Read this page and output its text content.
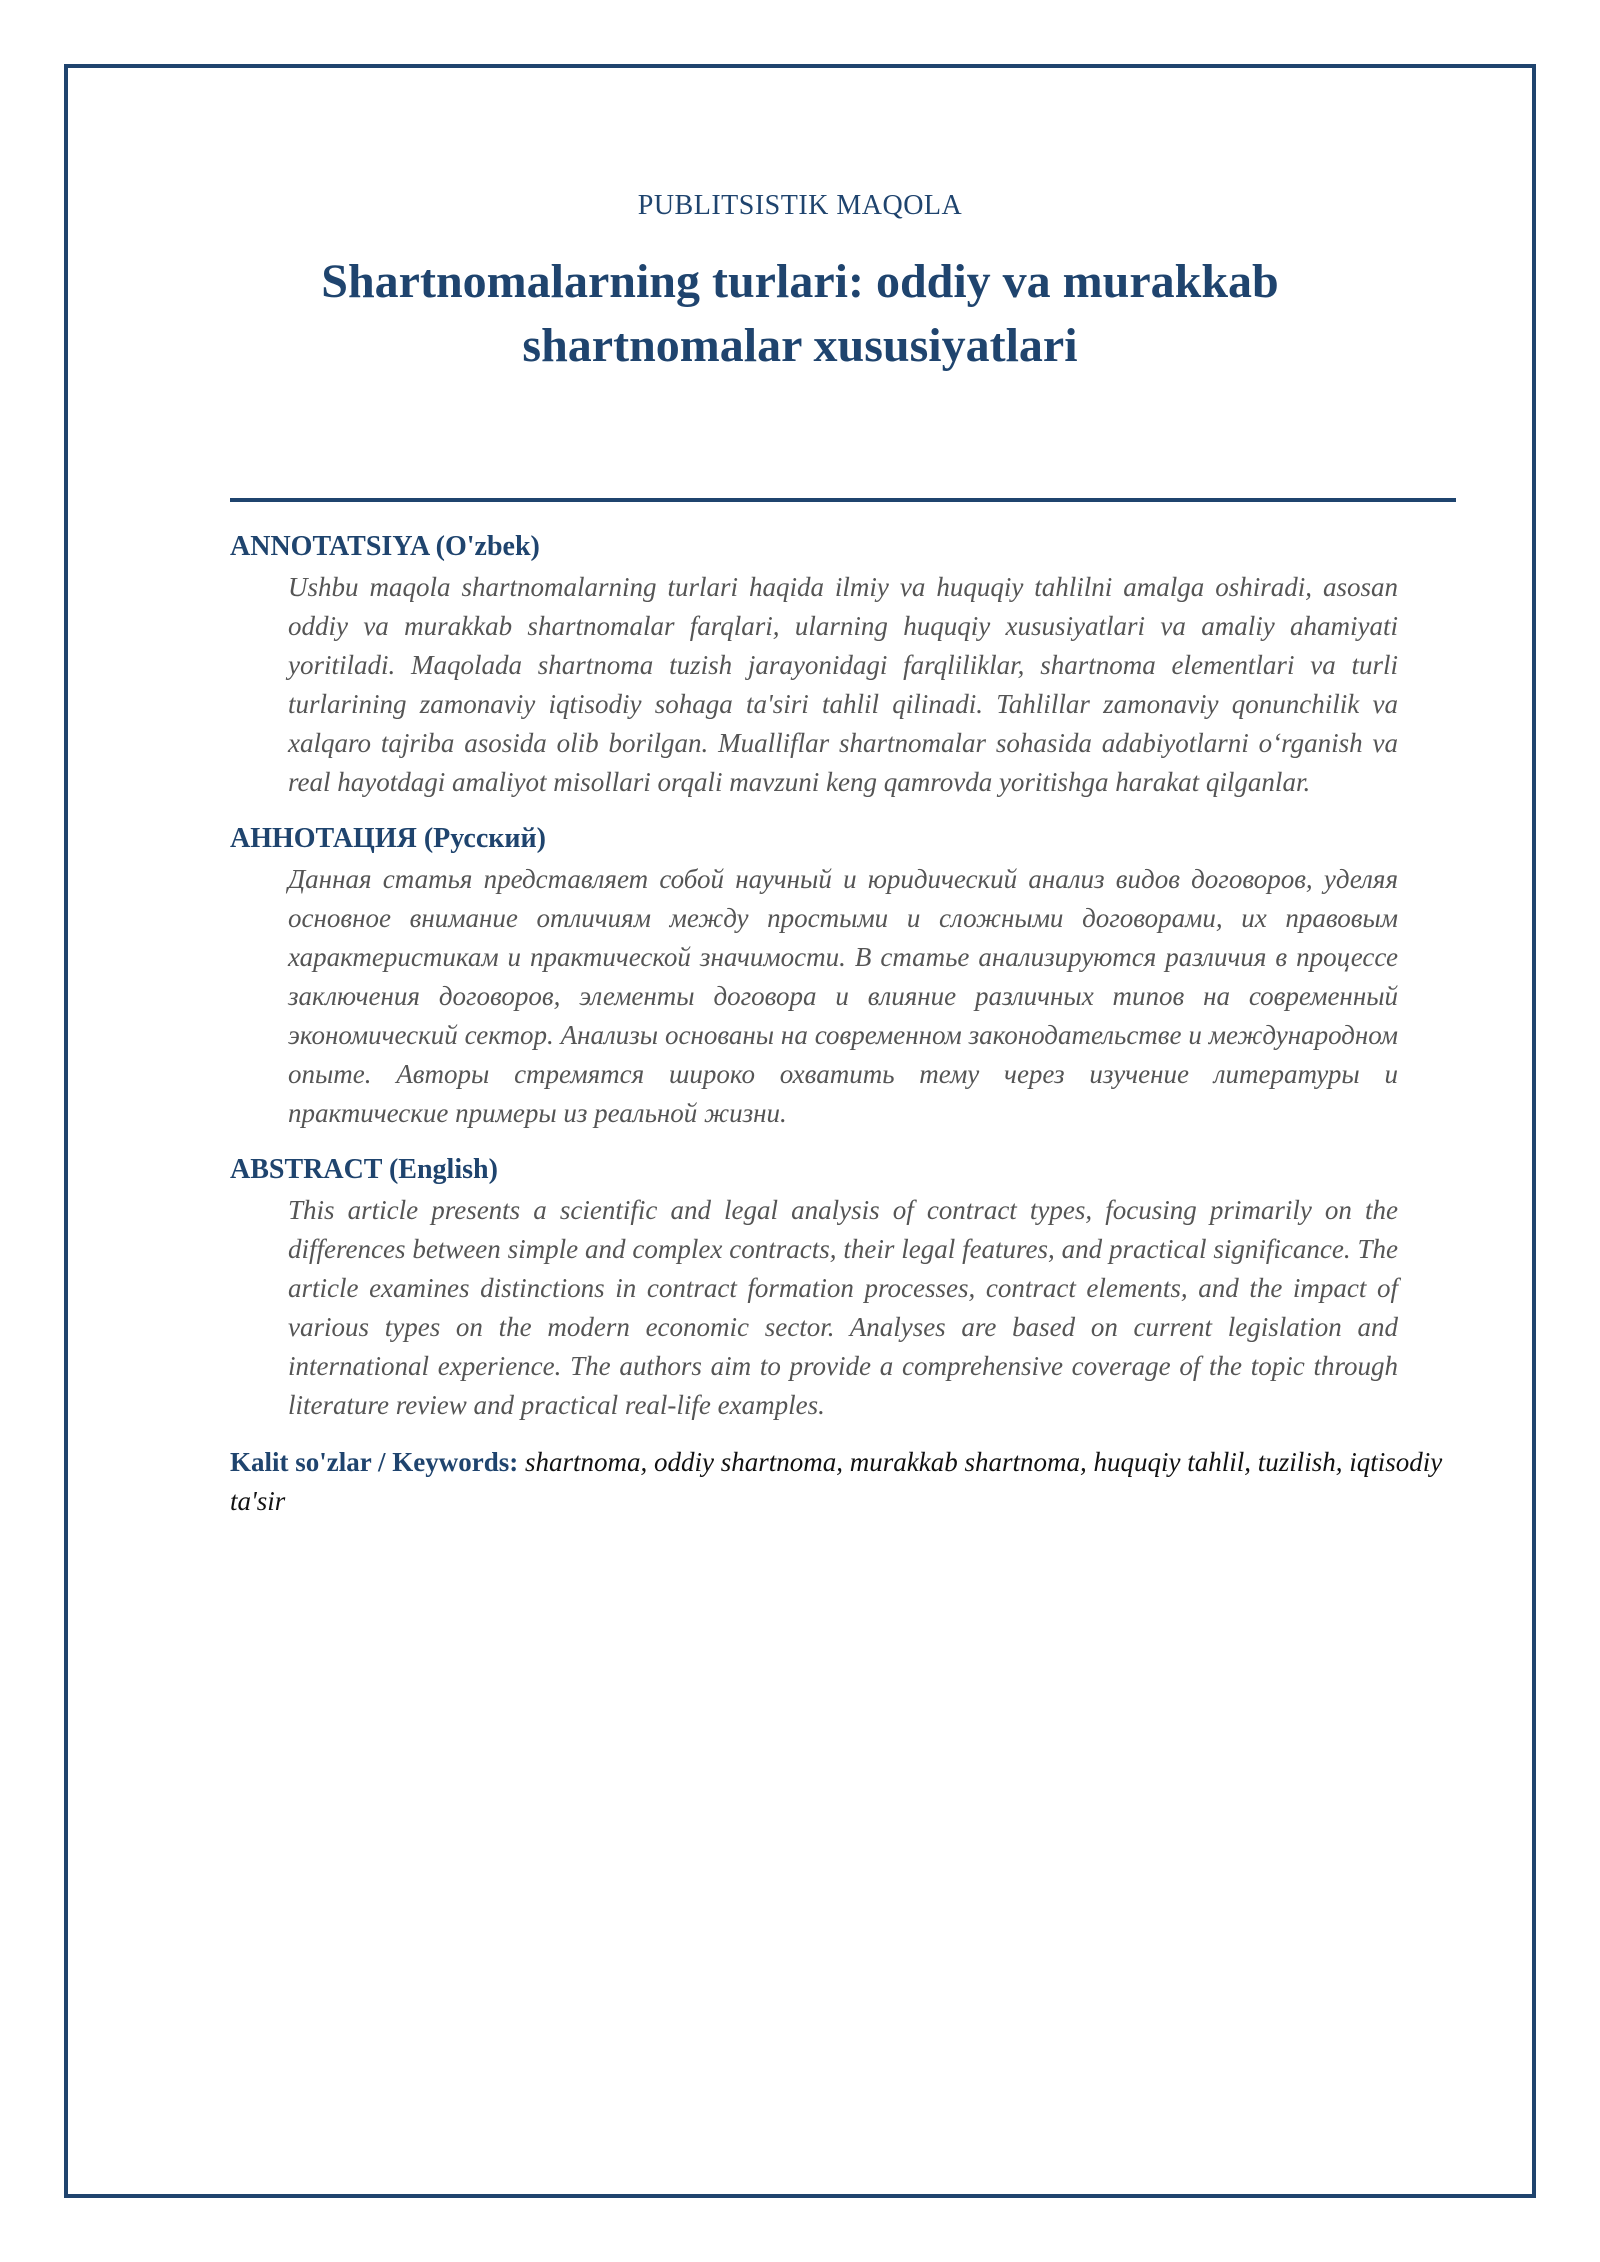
PUBLITSISTIK MAQOLA
Shartnomalarning turlari: oddiy va murakkab shartnomalar xususiyatlari
ANNOTATSIYA (O'zbek)
Ushbu maqola shartnomalarning turlari haqida ilmiy va huquqiy tahlilni amalga oshiradi, asosan oddiy va murakkab shartnomalar farqlari, ularning huquqiy xususiyatlari va amaliy ahamiyati yoritiladi. Maqolada shartnoma tuzish jarayonidagi farqliliklar, shartnoma elementlari va turli turlarining zamonaviy iqtisodiy sohaga ta'siri tahlil qilinadi. Tahlillar zamonaviy qonunchilik va xalqaro tajriba asosida olib borilgan. Mualliflar shartnomalar sohasida adabiyotlarni o‘rganish va real hayotdagi amaliyot misollari orqali mavzuni keng qamrovda yoritishga harakat qilganlar.
АННОТАЦИЯ (Русский)
Данная статья представляет собой научный и юридический анализ видов договоров, уделяя основное внимание отличиям между простыми и сложными договорами, их правовым характеристикам и практической значимости. В статье анализируются различия в процессе заключения договоров, элементы договора и влияние различных типов на современный экономический сектор. Анализы основаны на современном законодательстве и международном опыте. Авторы стремятся широко охватить тему через изучение литературы и практические примеры из реальной жизни.
ABSTRACT (English)
This article presents a scientific and legal analysis of contract types, focusing primarily on the differences between simple and complex contracts, their legal features, and practical significance. The article examines distinctions in contract formation processes, contract elements, and the impact of various types on the modern economic sector. Analyses are based on current legislation and international experience. The authors aim to provide a comprehensive coverage of the topic through literature review and practical real-life examples.
Kalit so'zlar / Keywords: shartnoma, oddiy shartnoma, murakkab shartnoma, huquqiy tahlil, tuzilish, iqtisodiy ta'sir
